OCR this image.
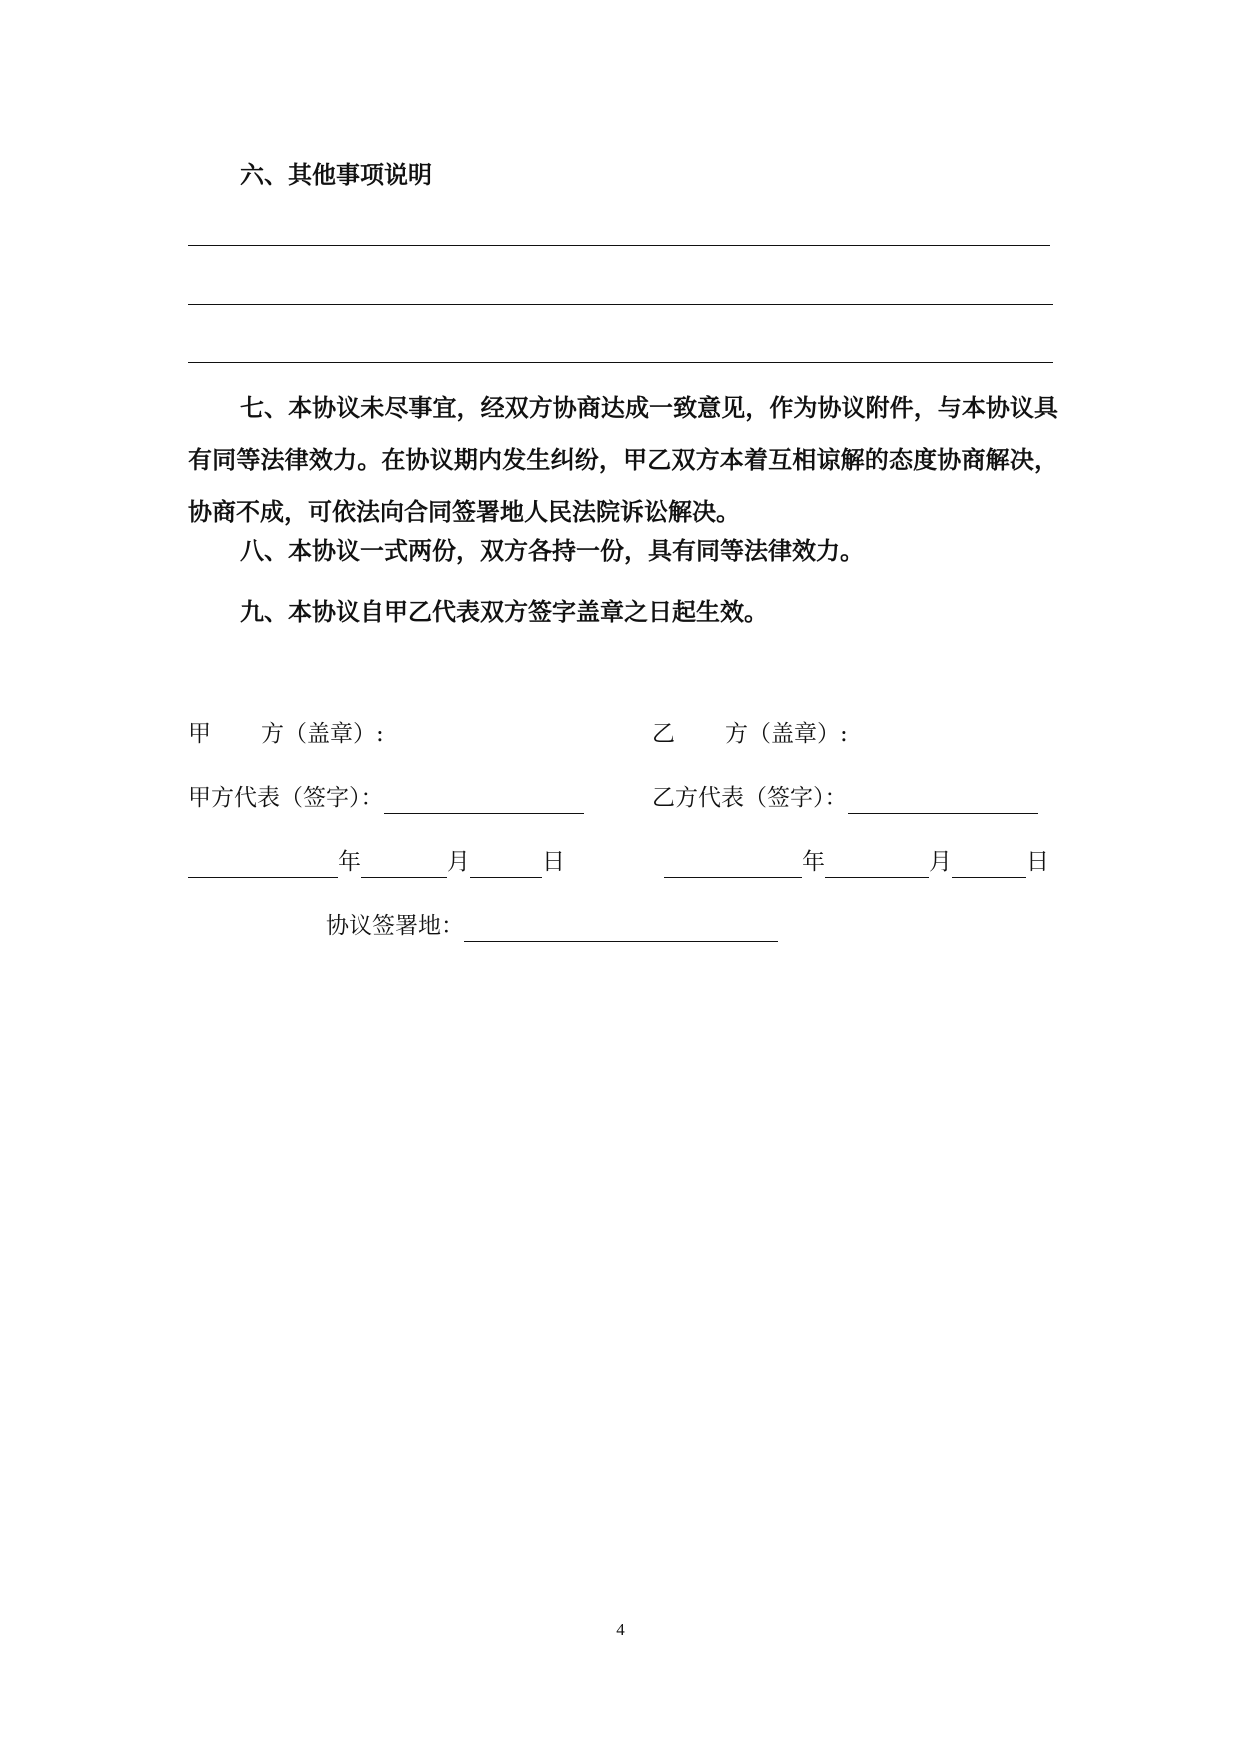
六、其他事项说明
七、本协议未尽事宜，经双方协商达成一致意见，作为协议附件，与本协议具有同等法律效力。在协议期内发生纠纷，甲乙双方本着互相谅解的态度协商解决，协商不成，可依法向合同签署地人民法院诉讼解决。
八、本协议一式两份，双方各持一份，具有同等法律效力。
九、本协议自甲乙代表双方签字盖章之日起生效。
甲 方（盖章）:	乙 方（盖章）:
甲方代表（签字）：	乙方代表（签字）：
年	月	日	年	月	日
协议签署地：
4
